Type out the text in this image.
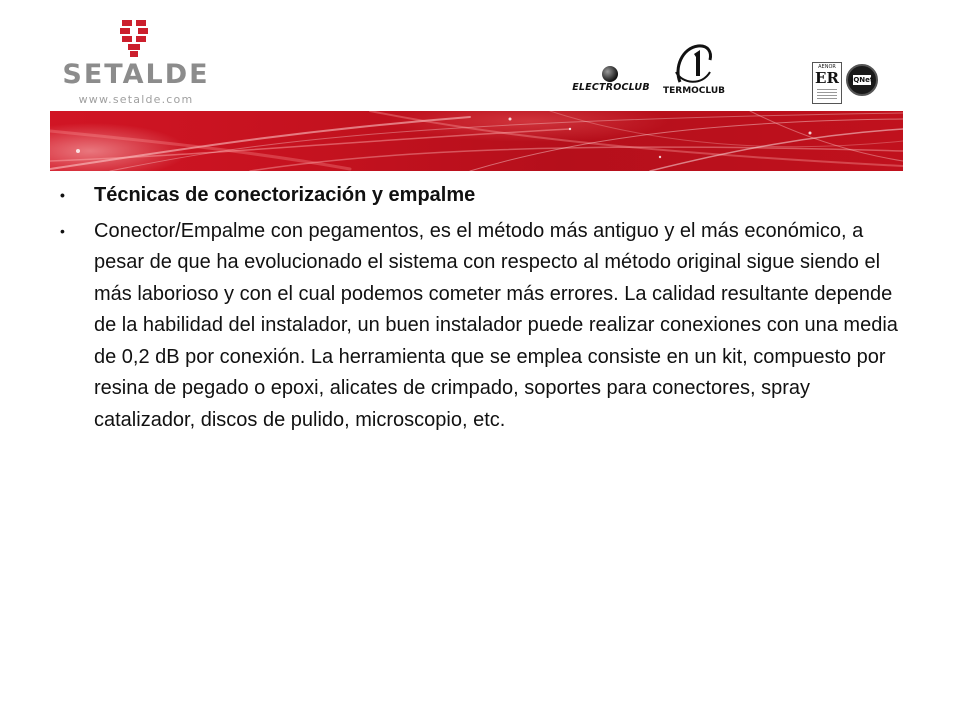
SETALDE
www.setalde.com
ELECTROCLUB	TERMOCLUB
AENOR
ER	IQNet
•	Técnicas de conectorización y empalme
•	Conector/Empalme con pegamentos, es el método más antiguo y el más económico, a pesar de que ha evolucionado el sistema con respecto al método original sigue siendo el más laborioso y con el cual podemos cometer más errores. La calidad resultante depende de la habilidad del instalador, un buen instalador puede realizar conexiones con una media de 0,2 dB por conexión. La herramienta que se emplea consiste en un kit, compuesto por resina de pegado o epoxi, alicates de crimpado, soportes para conectores, spray catalizador, discos de pulido, microscopio, etc.
